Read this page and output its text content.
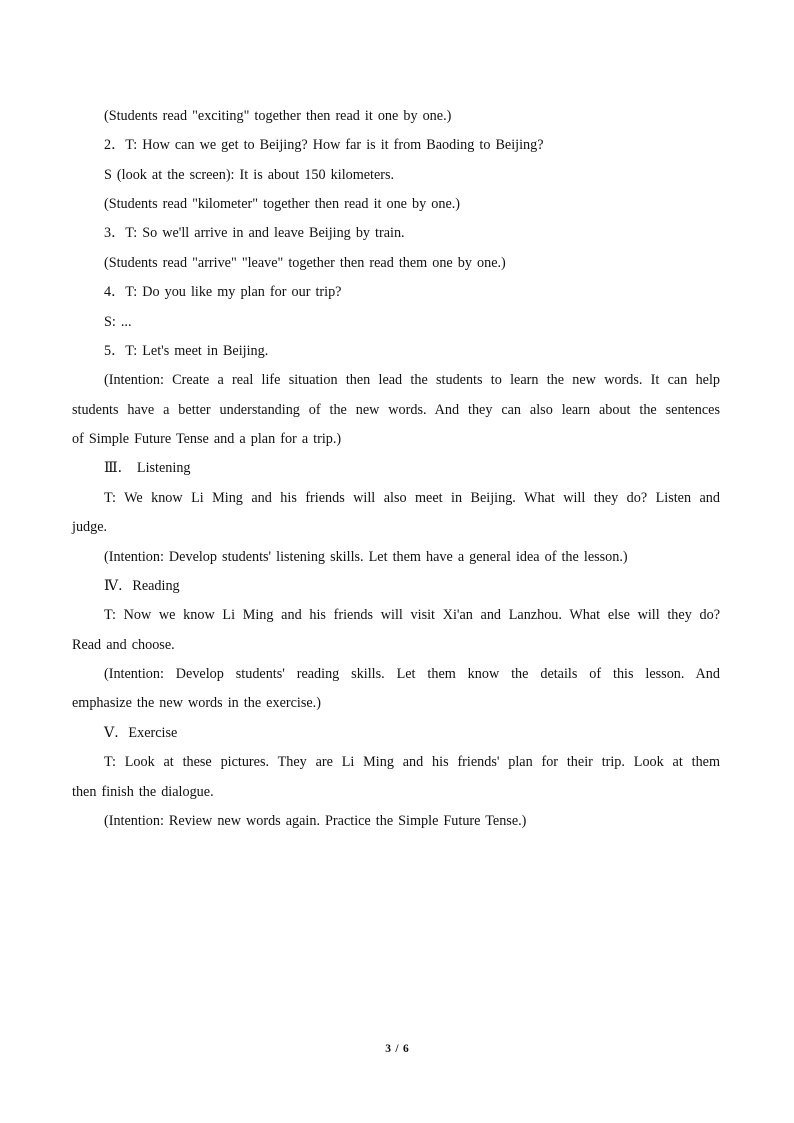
(Students read "exciting" together then read it one by one.)
2．T: How can we get to Beijing? How far is it from Baoding to Beijing?
S (look at the screen): It is about 150 kilometers.
(Students read "kilometer" together then read it one by one.)
3．T: So we'll arrive in and leave Beijing by train.
(Students read "arrive" "leave" together then read them one by one.)
4．T: Do you like my plan for our trip?
S: ...
5．T: Let's meet in Beijing.
(Intention: Create a real life situation then lead the students to learn the new words. It can help
students have a better understanding of the new words. And they can also learn about the sentences
of Simple Future Tense and a plan for a trip.)
Ⅲ． Listening
T: We know Li Ming and his friends will also meet in Beijing. What will they do? Listen and
judge.
(Intention: Develop students' listening skills. Let them have a general idea of the lesson.)
Ⅳ．Reading
T: Now we know Li Ming and his friends will visit Xi'an and Lanzhou. What else will they do?
Read and choose.
(Intention: Develop students' reading skills. Let them know the details of this lesson. And
emphasize the new words in the exercise.)
Ⅴ．Exercise
T: Look at these pictures. They are Li Ming and his friends' plan for their trip. Look at them
then finish the dialogue.
(Intention: Review new words again. Practice the Simple Future Tense.)
3 / 6
